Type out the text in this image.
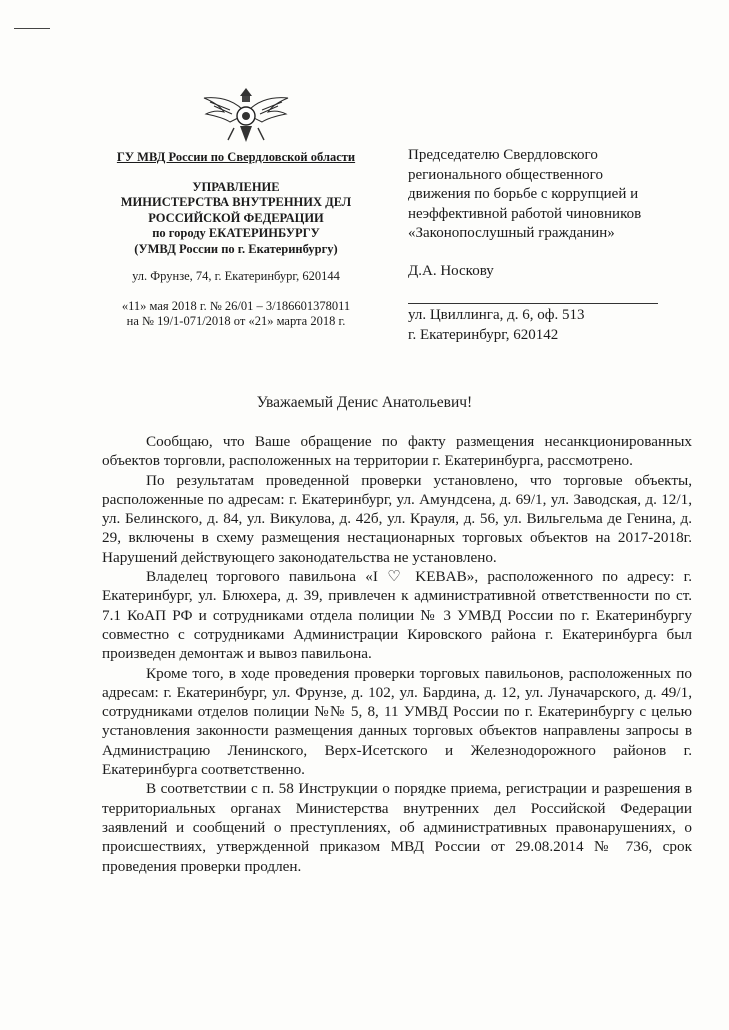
ГУ МВД России по Свердловской области
УПРАВЛЕНИЕ
МИНИСТЕРСТВА ВНУТРЕННИХ ДЕЛ
РОССИЙСКОЙ ФЕДЕРАЦИИ
по городу ЕКАТЕРИНБУРГУ
(УМВД России по г. Екатеринбургу)
ул. Фрунзе, 74, г. Екатеринбург, 620144
«11» мая 2018 г. № 26/01 – 3/186601378011
на № 19/1-071/2018 от «21» марта 2018 г.
Председателю Свердловского
регионального общественного
движения по борьбе с коррупцией и
неэффективной работой чиновников
«Законопослушный гражданин»
Д.А. Носкову
ул. Цвиллинга, д. 6, оф. 513
г. Екатеринбург, 620142
Уважаемый Денис Анатольевич!

Сообщаю, что Ваше обращение по факту размещения несанкционированных объектов торговли, расположенных на территории г. Екатеринбурга, рассмотрено.

По результатам проведенной проверки установлено, что торговые объекты, расположенные по адресам: г. Екатеринбург, ул. Амундсена, д. 69/1, ул. Заводская, д. 12/1, ул. Белинского, д. 84, ул. Викулова, д. 42б, ул. Крауля, д. 56, ул. Вильгельма де Генина, д. 29, включены в схему размещения нестационарных торговых объектов на 2017-2018г. Нарушений действующего законодательства не установлено.

Владелец торгового павильона «I ♡ KEBAB», расположенного по адресу: г. Екатеринбург, ул. Блюхера, д. 39, привлечен к административной ответственности по ст. 7.1 КоАП РФ и сотрудниками отдела полиции № 3 УМВД России по г. Екатеринбургу совместно с сотрудниками Администрации Кировского района г. Екатеринбурга был произведен демонтаж и вывоз павильона.

Кроме того, в ходе проведения проверки торговых павильонов, расположенных по адресам: г. Екатеринбург, ул. Фрунзе, д. 102, ул. Бардина, д. 12, ул. Луначарского, д. 49/1, сотрудниками отделов полиции №№ 5, 8, 11 УМВД России по г. Екатеринбургу с целью установления законности размещения данных торговых объектов направлены запросы в Администрацию Ленинского, Верх-Исетского и Железнодорожного районов г. Екатеринбурга соответственно.

В соответствии с п. 58 Инструкции о порядке приема, регистрации и разрешения в территориальных органах Министерства внутренних дел Российской Федерации заявлений и сообщений о преступлениях, об административных правонарушениях, о происшествиях, утвержденной приказом МВД России от 29.08.2014 № 736, срок проведения проверки продлен.
